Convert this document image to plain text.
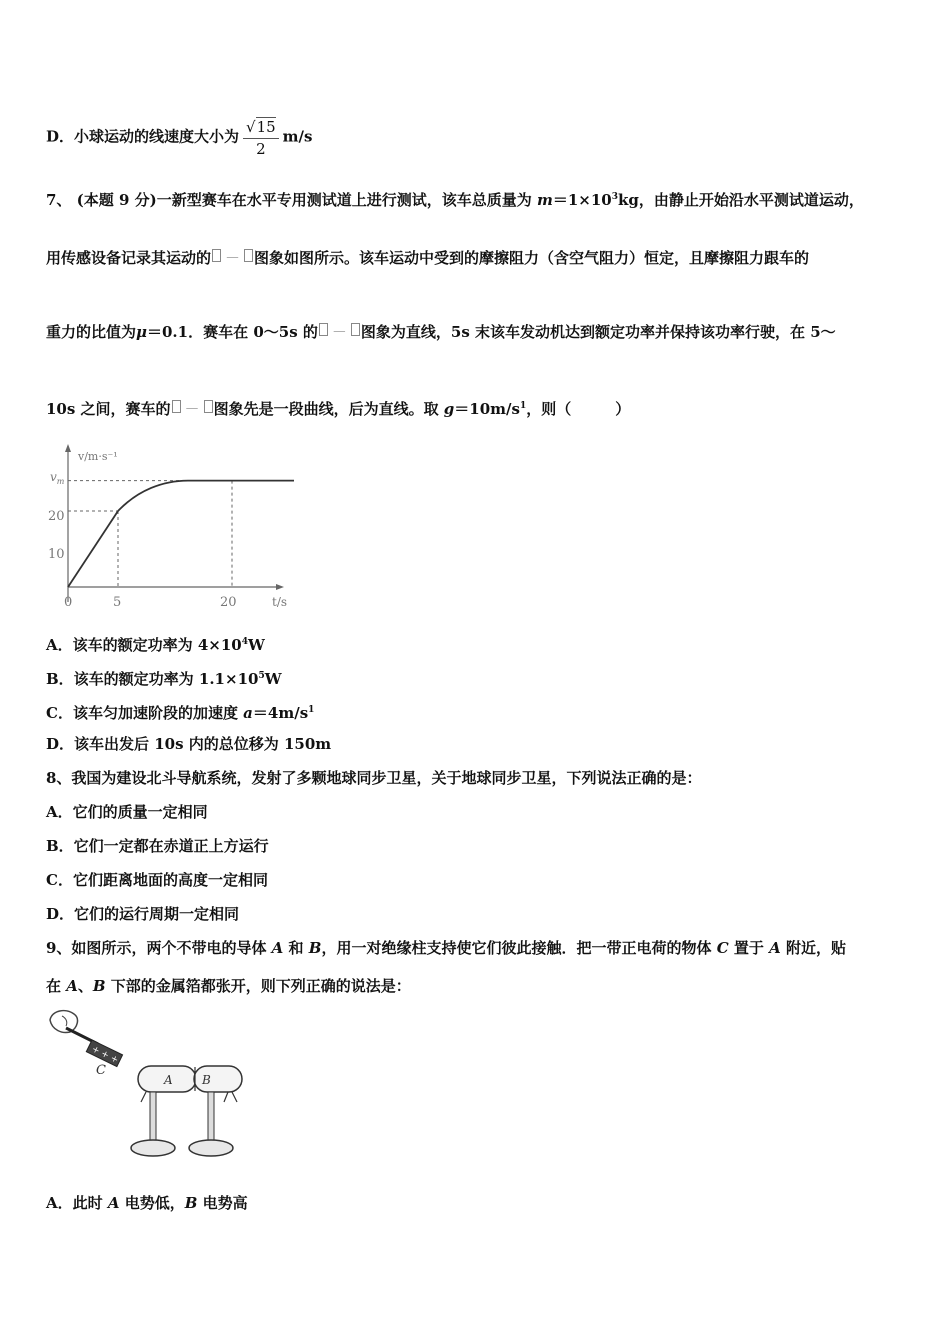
D．小球运动的线速度大小为 $\frac{√15}{2} m/s$
7、 (本题 9 分)一新型赛车在水平专用测试道上进行测试，该车总质量为 $m=1\times 10^3kg$，由静止开始沿水平测试道运动，
用传感设备记录其运动的 － 图象如图所示。该车运动中受到的摩擦阻力（含空气阻力）恒定，且摩擦阻力跟车的
重力的比值为μ＝0.1．赛车在 0～5s 的 － 图象为直线，5s 末该车发动机达到额定功率并保持该功率行驶，在 5～
10s 之间，赛车的 － 图象先是一段曲线，后为直线。取 $g=10m/s^1$，则（	）
v/m·s⁻¹
t/s
$v_m$
20
10
0	5	20
A．该车的额定功率为 $4\times 10^4W$
B．该车的额定功率为 $1.1\times 10^5W$
C．该车匀加速阶段的加速度 $a=4m/s^1$
D．该车出发后 10s 内的总位移为 150m
8、我国为建设北斗导航系统，发射了多颗地球同步卫星，关于地球同步卫星，下列说法正确的是：
A．它们的质量一定相同
B．它们一定都在赤道正上方运行
C．它们距离地面的高度一定相同
D．它们的运行周期一定相同
9、如图所示，两个不带电的导体 A 和 B，用一对绝缘柱支持使它们彼此接触．把一带正电荷的物体 C 置于 A 附近，贴
在 A、B 下部的金属箔都张开，则下列正确的说法是：
+ + +
C
A B
A．此时 A 电势低，B 电势高
